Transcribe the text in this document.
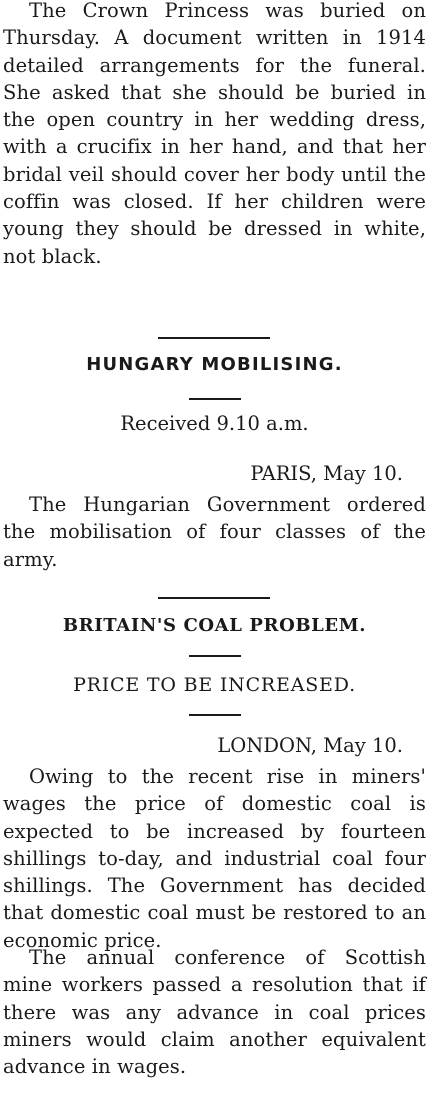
The Crown Princess was buried on Thursday. A document written in 1914 detailed arrangements for the funeral. She asked that she should be buried in the open country in her wedding dress, with a crucifix in her hand, and that her bridal veil should cover her body until the coffin was closed. If her children were young they should be dressed in white, not black.

HUNGARY MOBILISING.

Received 9.10 a.m.

PARIS, May 10.

The Hungarian Government ordered the mobilisation of four classes of the army.

BRITAIN'S COAL PROBLEM.

PRICE TO BE INCREASED.

LONDON, May 10.

Owing to the recent rise in miners' wages the price of domestic coal is expected to be increased by fourteen shillings to-day, and industrial coal four shillings. The Government has decided that domestic coal must be restored to an economic price.

The annual conference of Scottish mine workers passed a resolution that if there was any advance in coal prices miners would claim another equivalent advance in wages.
